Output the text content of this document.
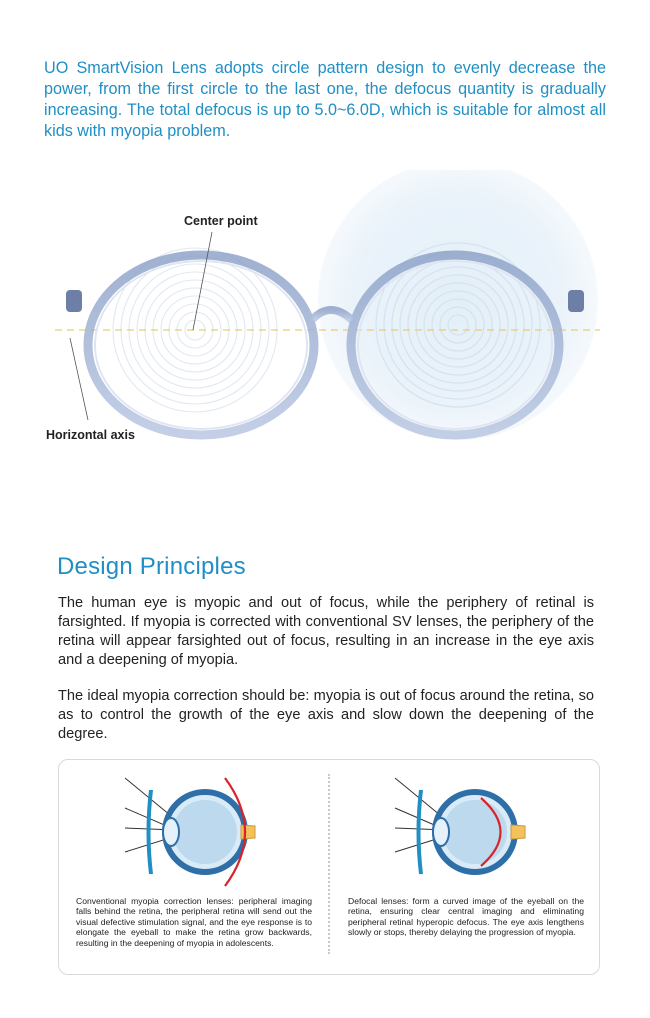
UO SmartVision Lens adopts circle pattern design to evenly decrease the power, from the first circle to the last one, the defocus quantity is gradually increasing. The total defocus is up to 5.0~6.0D, which is suitable for almost all kids with myopia problem.

Center point
Horizontal axis
Design Principles

The human eye is myopic and out of focus, while the periphery of retinal is farsighted. If myopia is corrected with conventional SV lenses, the periphery of the retina will appear farsighted out of focus, resulting in an increase in the eye axis and a deepening of myopia.

The ideal myopia correction should be: myopia is out of focus around the retina, so as to control the growth of the eye axis and slow down the deepening of the degree.

Conventional myopia correction lenses: peripheral imaging falls behind the retina, the peripheral retina will send out the visual defective stimulation signal, and the eye response is to elongate the eyeball to make the retina grow backwards, resulting in the deepening of myopia in adolescents.

Defocal lenses: form a curved image of the eyeball on the retina, ensuring clear central imaging and eliminating peripheral retinal hyperopic defocus. The eye axis lengthens slowly or stops, thereby delaying the progression of myopia.
